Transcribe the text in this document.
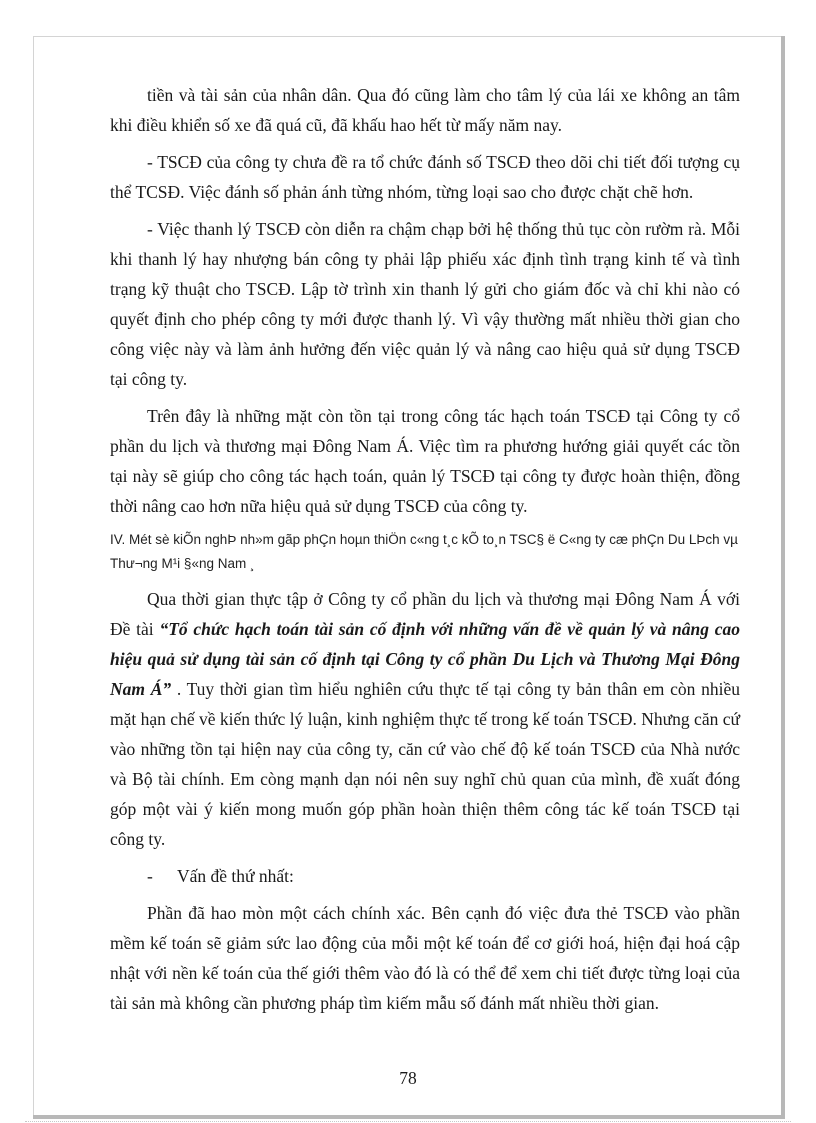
tiền và tài sản của nhân dân. Qua đó cũng làm cho tâm lý của lái xe không an tâm khi điều khiển số xe đã quá cũ, đã khấu hao hết từ mấy năm nay.

- TSCĐ của công ty chưa đề ra tổ chức đánh số TSCĐ theo dõi chi tiết đối tượng cụ thể TCSĐ. Việc đánh số phản ánh từng nhóm, từng loại sao cho được chặt chẽ hơn.

- Việc thanh lý TSCĐ còn diễn ra chậm chạp bởi hệ thống thủ tục còn rườm rà. Mỗi khi thanh lý hay nhượng bán công ty phải lập phiếu xác định tình trạng kinh tế và tình trạng kỹ thuật cho TSCĐ. Lập tờ trình xin thanh lý gửi cho giám đốc và chỉ khi nào có quyết định cho phép công ty mới được thanh lý. Vì vậy thường mất nhiều thời gian cho công việc này và làm ảnh hưởng đến việc quản lý và nâng cao hiệu quả sử dụng TSCĐ tại công ty.

Trên đây là những mặt còn tồn tại trong công tác hạch toán TSCĐ tại Công ty cổ phần du lịch và thương mại Đông Nam Á. Việc tìm ra phương hướng giải quyết các tồn tại này sẽ giúp cho công tác hạch toán, quản lý TSCĐ tại công ty được hoàn thiện, đồng thời nâng cao hơn nữa hiệu quả sử dụng TSCĐ của công ty.

IV. Mét sè kiÕn nghÞ nh»m gãp phÇn hoµn thiÖn c«ng t¸c kÕ to¸n TSC§ ë C«ng ty cæ phÇn Du LÞch vµ Thư¬ng M¹i §«ng Nam ¸

Qua thời gian thực tập ở Công ty cổ phần du lịch và thương mại Đông Nam Á với Đề tài “Tổ chức hạch toán tài sản cố định với những vấn đề về quản lý và nâng cao hiệu quả sử dụng tài sản cố định tại Công ty cổ phần Du Lịch và Thương Mại Đông Nam Á” . Tuy thời gian tìm hiểu nghiên cứu thực tế tại công ty bản thân em còn nhiều mặt hạn chế về kiến thức lý luận, kinh nghiệm thực tế trong kế toán TSCĐ. Nhưng căn cứ vào những tồn tại hiện nay của công ty, căn cứ vào chế độ kế toán TSCĐ của Nhà nước và Bộ tài chính. Em còng mạnh dạn nói nên suy nghĩ chủ quan của mình, đề xuất đóng góp một vài ý kiến mong muốn góp phần hoàn thiện thêm công tác kế toán TSCĐ tại công ty.

- Vấn đề thứ nhất:

Phần đã hao mòn một cách chính xác. Bên cạnh đó việc đưa thẻ TSCĐ vào phần mềm kế toán sẽ giảm sức lao động của mỗi một kế toán để cơ giới hoá, hiện đại hoá cập nhật với nền kế toán của thế giới thêm vào đó là có thể để xem chi tiết được từng loại của tài sản mà không cần phương pháp tìm kiếm mẫu số đánh mất nhiều thời gian.

78
